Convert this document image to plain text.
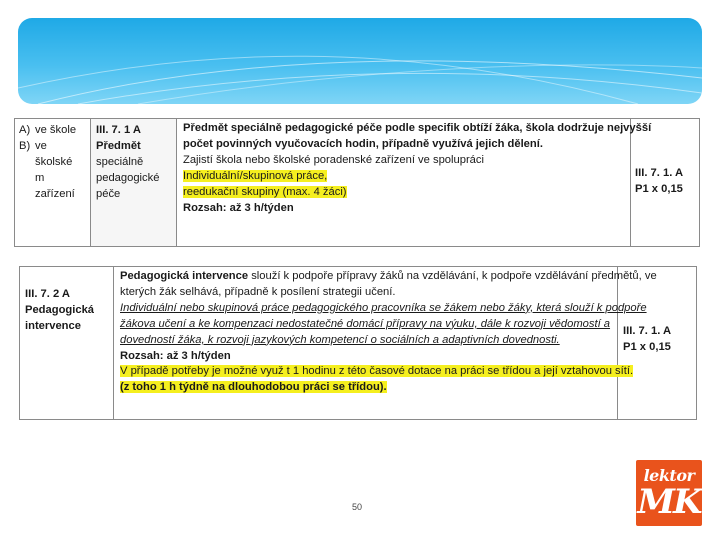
A) ve škole
B) ve
školské
m
zařízení
III. 7. 1 A
Předmět
speciálně
pedagogické
péče
Předmět speciálně pedagogické péče podle specifik obtíží žáka, škola dodržuje nejvyšší
počet povinných vyučovacích hodin, případně využívá jejich dělení.
Zajistí škola nebo školské poradenské zařízení ve spolupráci
Individuální/skupinová práce,
reedukační skupiny (max. 4 žáci)
Rozsah: až 3 h/týden
III. 7. 1. A
P1 x 0,15
III. 7. 2 A
Pedagogická
intervence
Pedagogická intervence slouží k podpoře přípravy žáků na vzdělávání, k podpoře vzdělávání předmětů, ve
kterých žák selhává, případně k posílení strategii učení.
Individuální nebo skupinová práce pedagogického pracovníka se žákem nebo žáky, která slouží k podpoře
žákova učení a ke kompenzaci nedostatečné domácí přípravy na výuku, dále k rozvoji vědomostí a
dovedností žáka, k rozvoji jazykových kompetencí o sociálních a adaptivních dovednosti.
Rozsah: až 3 h/týden
V případě potřeby je možné využ t 1 hodinu z této časové dotace na práci se třídou a její vztahovou sítí.
(z toho 1 h týdně na dlouhodobou práci se třídou).
III. 7. 1. A
P1 x 0,15
50
lektor
MK
